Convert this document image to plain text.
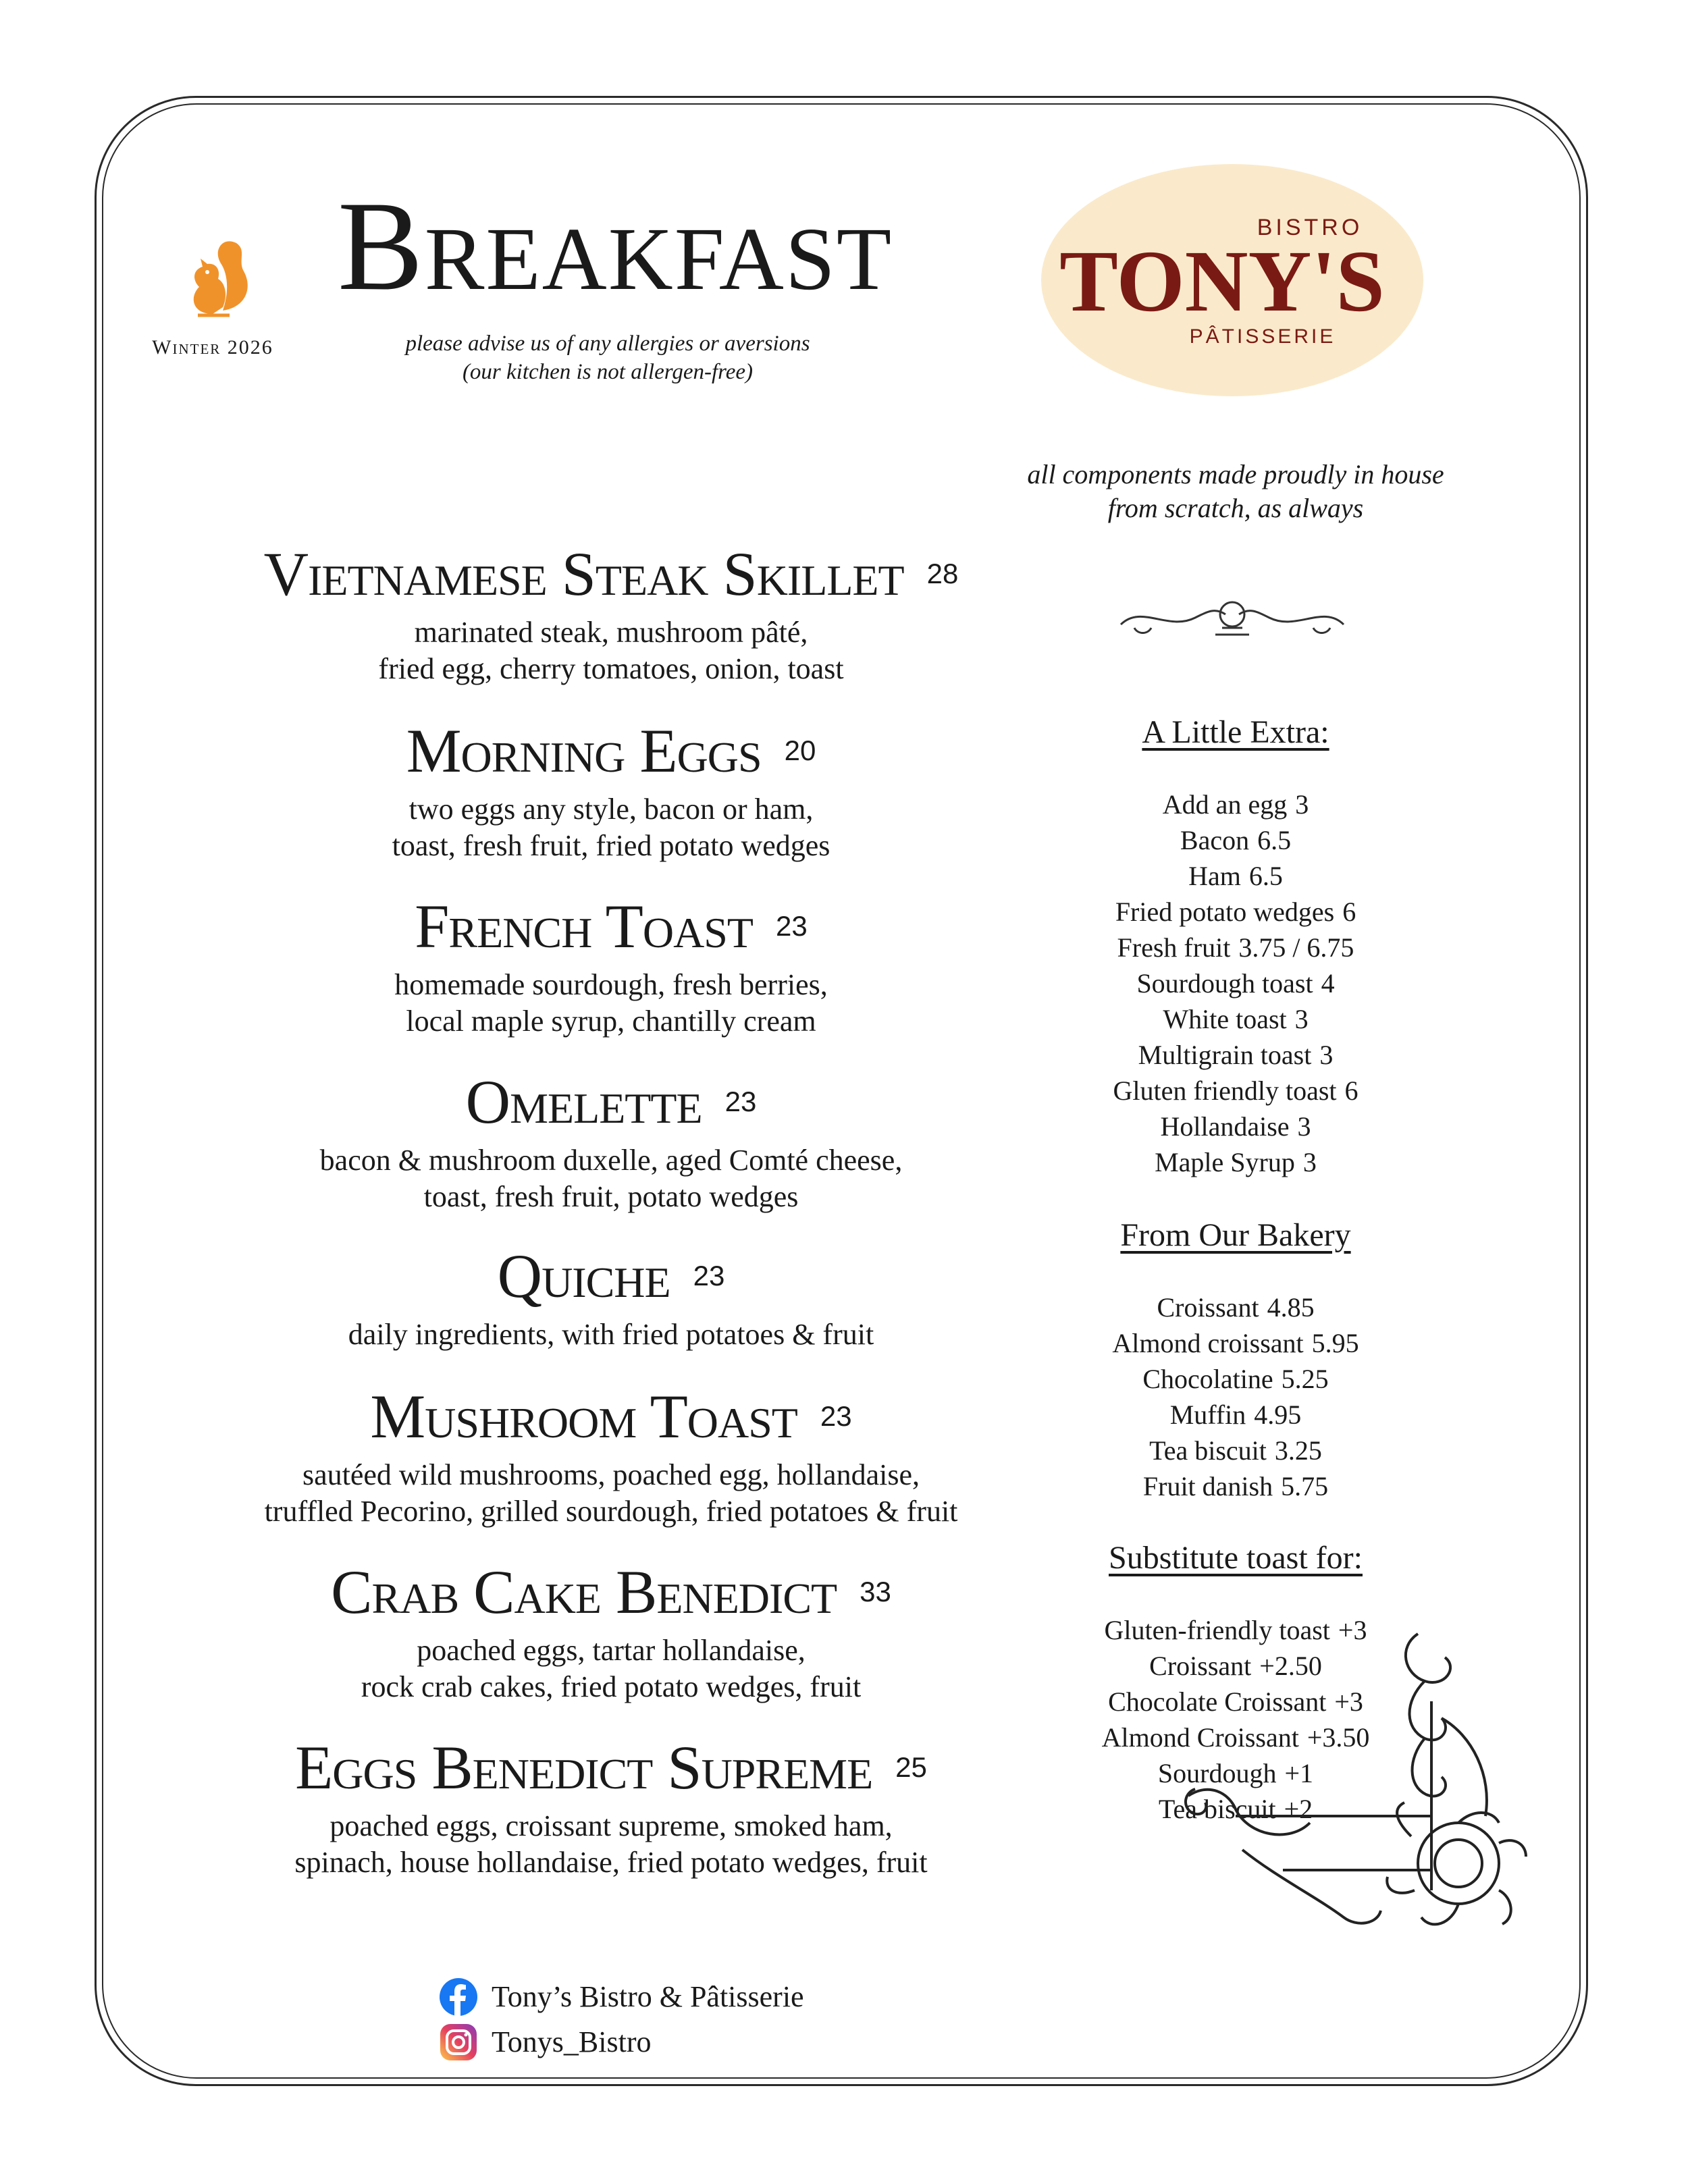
Winter 2026
Breakfast
please advise us of any allergies or aversions
(our kitchen is not allergen-free)
BISTRO
TONY'S
PÂTISSERIE
all components made proudly in house
from scratch, as always
Vietnamese Steak Skillet 28
marinated steak, mushroom pâté,
fried egg, cherry tomatoes, onion, toast
Morning Eggs 20
two eggs any style, bacon or ham,
toast, fresh fruit, fried potato wedges
French Toast 23
homemade sourdough, fresh berries,
local maple syrup, chantilly cream
Omelette 23
bacon & mushroom duxelle, aged Comté cheese,
toast, fresh fruit, potato wedges
Quiche 23
daily ingredients, with fried potatoes & fruit
Mushroom Toast 23
sautéed wild mushrooms, poached egg, hollandaise,
truffled Pecorino, grilled sourdough, fried potatoes & fruit
Crab Cake Benedict 33
poached eggs, tartar hollandaise,
rock crab cakes, fried potato wedges, fruit
Eggs Benedict Supreme 25
poached eggs, croissant supreme, smoked ham,
spinach, house hollandaise, fried potato wedges, fruit
A Little Extra:
Add an egg 3
Bacon 6.5
Ham 6.5
Fried potato wedges 6
Fresh fruit 3.75 / 6.75
Sourdough toast 4
White toast 3
Multigrain toast 3
Gluten friendly toast 6
Hollandaise 3
Maple Syrup 3
From Our Bakery
Croissant 4.85
Almond croissant 5.95
Chocolatine 5.25
Muffin 4.95
Tea biscuit 3.25
Fruit danish 5.75
Substitute toast for:
Gluten-friendly toast +3
Croissant +2.50
Chocolate Croissant +3
Almond Croissant +3.50
Sourdough +1
Tea biscuit +2
Tony’s Bistro & Pâtisserie
Tonys_Bistro
